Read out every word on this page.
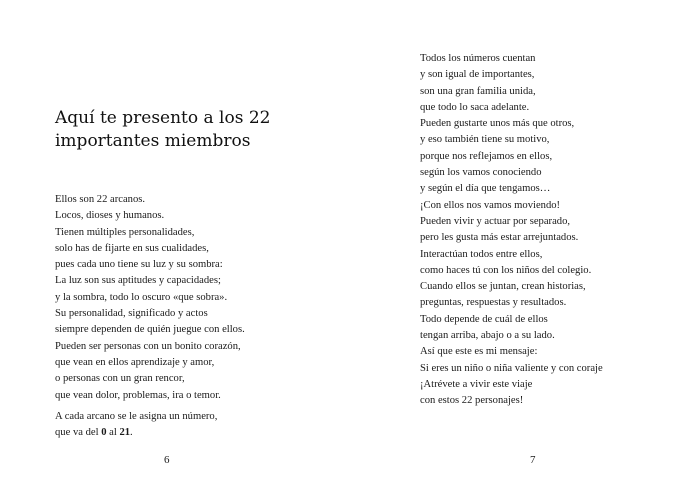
Aquí te presento a los 22
importantes miembros
Ellos son 22 arcanos.
Locos, dioses y humanos.
Tienen múltiples personalidades,
solo has de fijarte en sus cualidades,
pues cada uno tiene su luz y su sombra:
La luz son sus aptitudes y capacidades;
y la sombra, todo lo oscuro «que sobra».
Su personalidad, significado y actos
siempre dependen de quién juegue con ellos.
Pueden ser personas con un bonito corazón,
que vean en ellos aprendizaje y amor,
o personas con un gran rencor,
que vean dolor, problemas, ira o temor.
A cada arcano se le asigna un número,
que va del 0 al 21.
6
Todos los números cuentan
y son igual de importantes,
son una gran familia unida,
que todo lo saca adelante.
Pueden gustarte unos más que otros,
y eso también tiene su motivo,
porque nos reflejamos en ellos,
según los vamos conociendo
y según el día que tengamos…
¡Con ellos nos vamos moviendo!
Pueden vivir y actuar por separado,
pero les gusta más estar arrejuntados.
Interactúan todos entre ellos,
como haces tú con los niños del colegio.
Cuando ellos se juntan, crean historias,
preguntas, respuestas y resultados.
Todo depende de cuál de ellos
tengan arriba, abajo o a su lado.
Así que este es mi mensaje:
Si eres un niño o niña valiente y con coraje
¡Atrévete a vivir este viaje
con estos 22 personajes!
7
